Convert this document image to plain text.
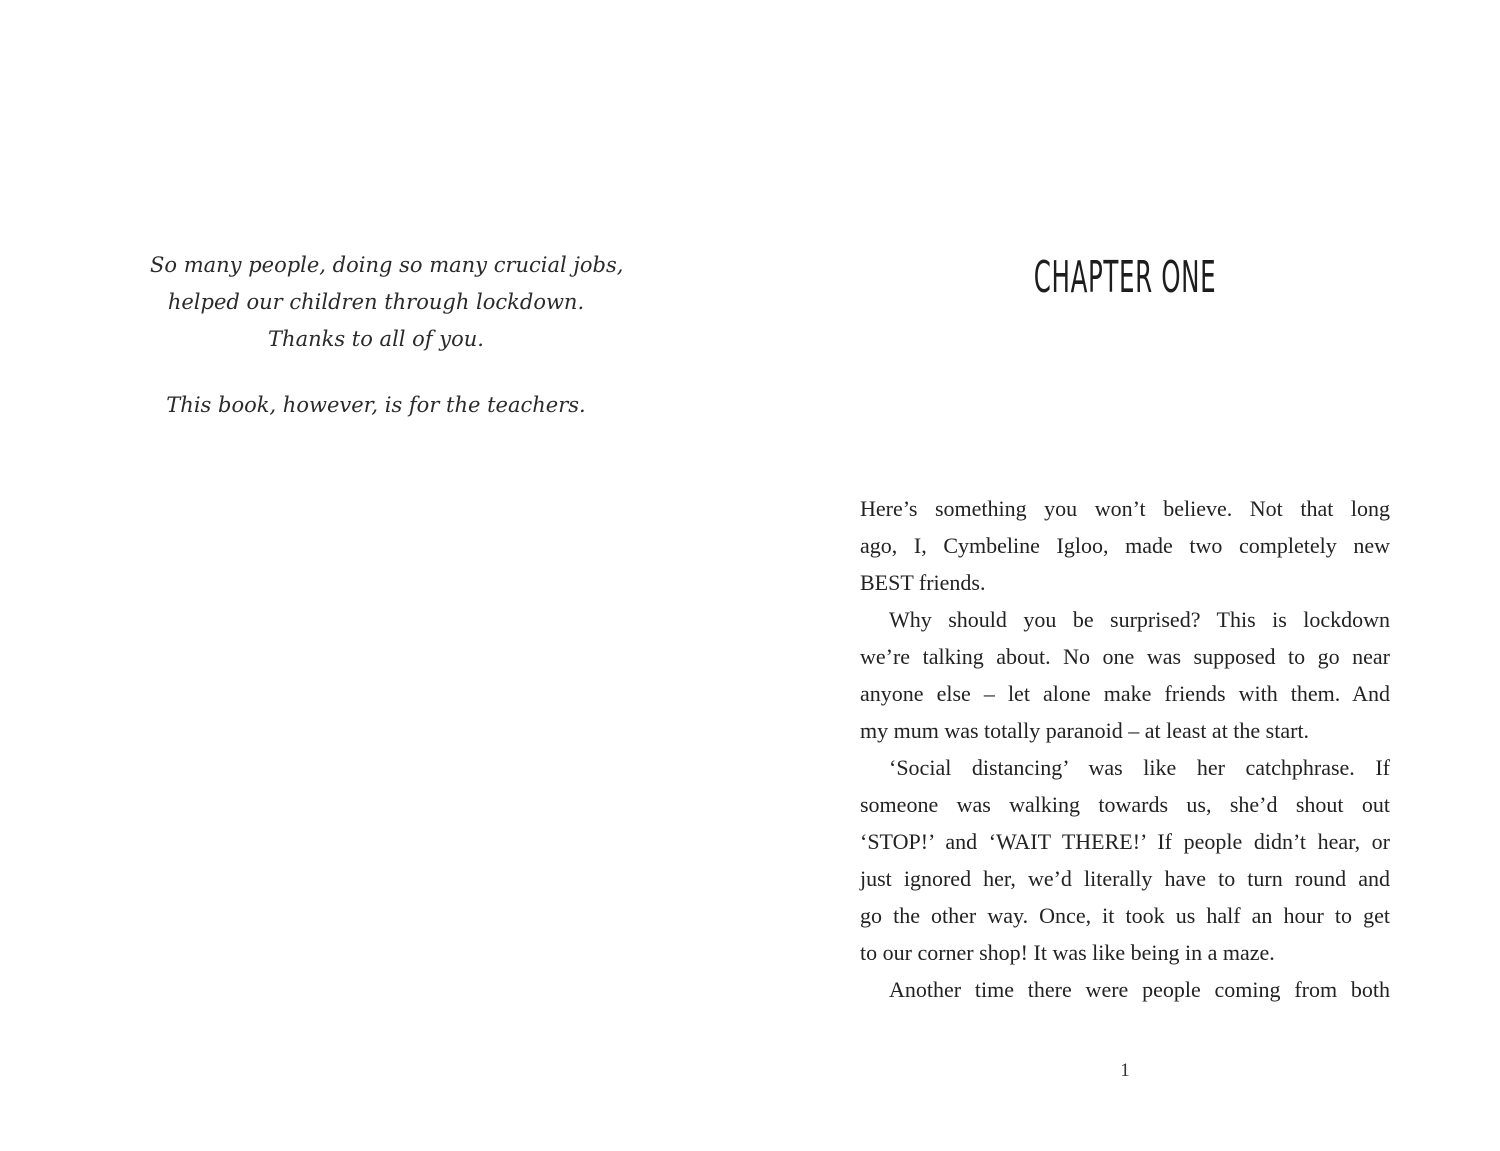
So many people, doing so many crucial jobs,
helped our children through lockdown.
Thanks to all of you.
This book, however, is for the teachers.
CHAPTER ONE
Here’s something you won’t believe. Not that long
ago, I, Cymbeline Igloo, made two completely new
BEST friends.
Why should you be surprised? This is lockdown
we’re talking about. No one was supposed to go near
anyone else – let alone make friends with them. And
my mum was totally paranoid – at least at the start.
‘Social distancing’ was like her catchphrase. If
someone was walking towards us, she’d shout out
‘STOP!’ and ‘WAIT THERE!’ If people didn’t hear, or
just ignored her, we’d literally have to turn round and
go the other way. Once, it took us half an hour to get
to our corner shop! It was like being in a maze.
Another time there were people coming from both
1
